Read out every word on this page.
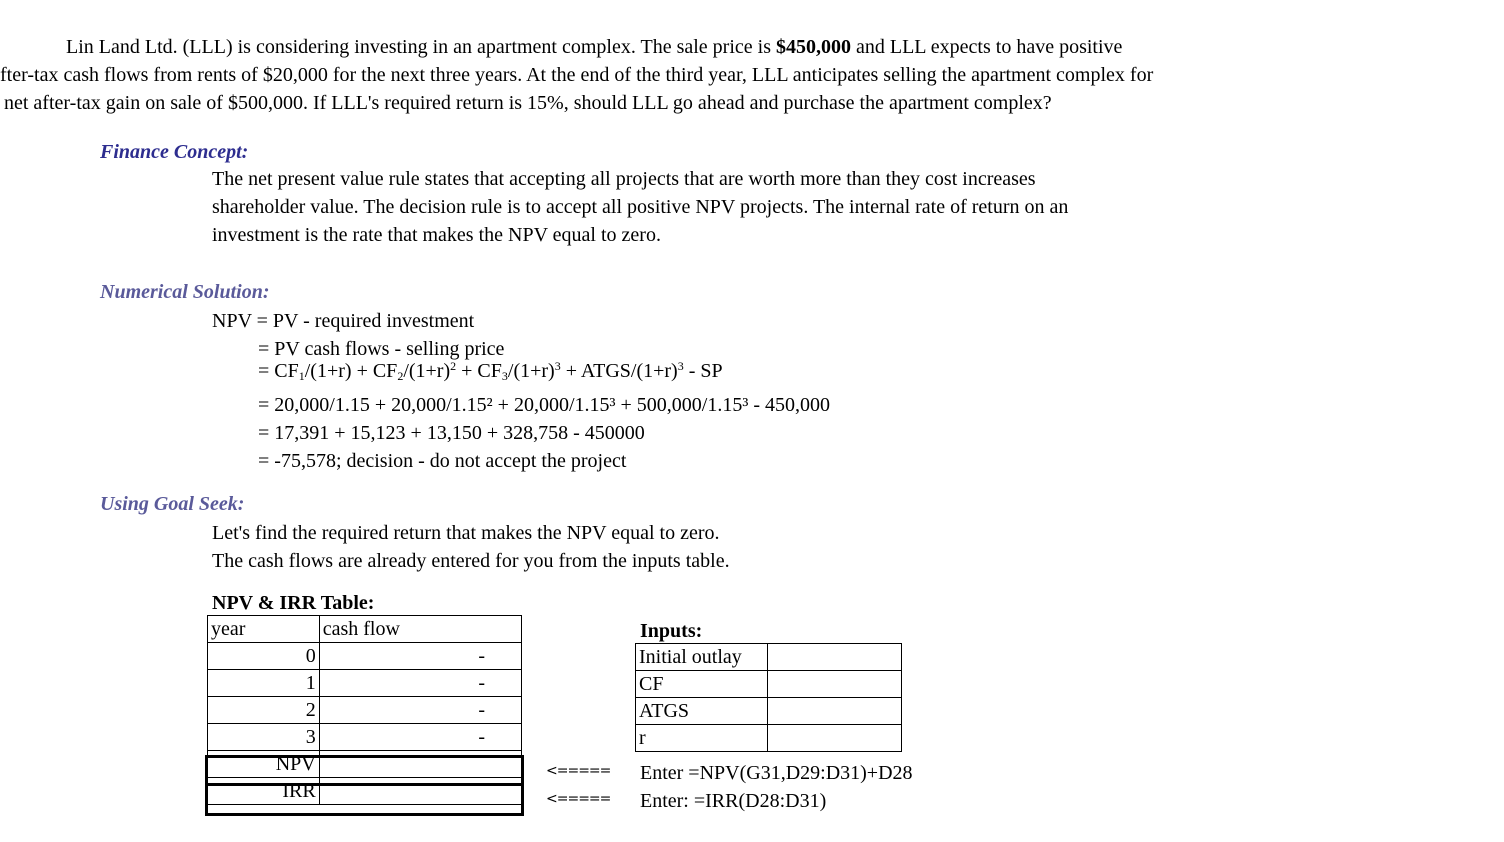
Lin Land Ltd. (LLL) is considering investing in an apartment complex. The sale price is $450,000 and LLL expects to have positive
fter-tax cash flows from rents of $20,000 for the next three years. At the end of the third year, LLL anticipates selling the apartment complex for
net after-tax gain on sale of $500,000. If LLL's required return is 15%, should LLL go ahead and purchase the apartment complex?
Finance Concept:
The net present value rule states that accepting all projects that are worth more than they cost increases
shareholder value. The decision rule is to accept all positive NPV projects. The internal rate of return on an
investment is the rate that makes the NPV equal to zero.
Numerical Solution:
NPV = PV - required investment
= PV cash flows - selling price
= $CF_1/(1+r) + CF_2/(1+r)^2 + CF_3/(1+r)^3$ + ATGS/$(1+r)^3$ - SP
= 20,000/1.15 + 20,000/1.15² + 20,000/1.15³ + 500,000/1.15³ - 450,000
= 17,391 + 15,123 + 13,150 + 328,758 - 450000
= -75,578; decision - do not accept the project
Using Goal Seek:
Let's find the required return that makes the NPV equal to zero.
The cash flows are already entered for you from the inputs table.
NPV & IRR Table:
year	cash flow
0	-
1	-
2	-
3	-
NPV	
IRR	
<=====
<=====
Enter =NPV(G31,D29:D31)+D28
Enter: =IRR(D28:D31)
Inputs:
Initial outlay	
CF	
ATGS	
r	
